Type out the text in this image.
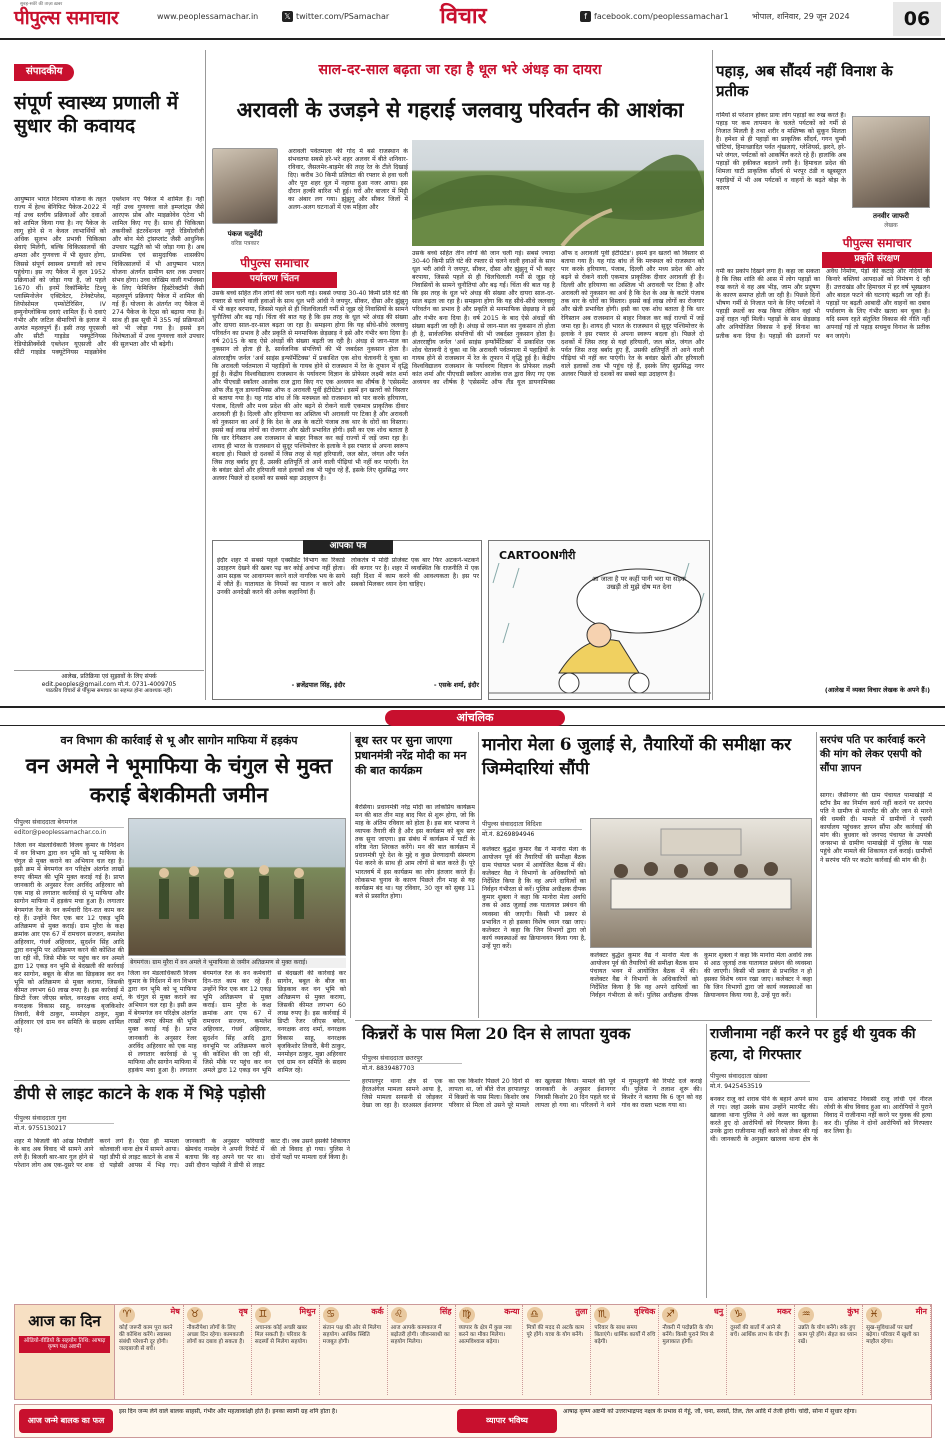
सुबह-सवेरे की ताज़ा ख़बर
पीपुल्स समाचार	www.peoplessamachar.in	𝕏 twitter.com/PSamachar विचार	f facebook.com/peoplessamachar1	भोपाल, शनिवार, 29 जून 2024	06
संपादकीय
संपूर्ण स्वास्थ्य प्रणाली में सुधार की कवायद

आयुष्मान भारत निरामय योजना के तहत राज्य में हेल्थ बेनिफिट पैकेज-2022 में नई उच्च स्तरीय प्रक्रियाओं और दवाओं को शामिल किया गया है। नए पैकेज के लागू होने से न केवल लाभार्थियों को अधिक सुलभ और प्रभावी चिकित्सा सेवाएं मिलेंगी, बल्कि चिकित्सालयों की क्षमता और गुणवत्ता में भी सुधार होगा, जिससे संपूर्ण स्वास्थ्य प्रणाली को लाभ पहुंचेगा। इस नए पैकेज में कुल 1952 प्रक्रियाओं को जोड़ा गया है, जो पहले 1670 थीं। इनमें रिकॉम्बिनेंट टिश्यू प्लास्मिनोजेन एक्टिवेटर, टेनेक्टेप्लेस, लिपोसोमल एम्फोटेरिसिन, IV इम्युनोग्लोबिन्स दवाएं शामिल हैं। ये दवाएं गंभीर और जटिल बीमारियों के इलाज में अत्यंत महत्वपूर्ण हैं। इसी तरह यूएसजी और सीटी गाइडेड पक्यूटेनियस रेडियोफ्रीक्वेंसी एब्लेशन यूएसजी और सीटी गाइडेड पक्यूटेनियस माइक्रोवेव एब्लेशन नए पैकेज में शामिल हैं। नहीं नहीं उच्च गुणवत्ता वाले इम्प्लांट्स जैसे आरएफ प्रोब और माइक्रोवेव एंटेना भी शामिल किए गए हैं। साथ ही चिकित्सा तकनीकों इंटरवेंशनल न्यूरो रेडियोलॉजी और बोन मेरो ट्रांसप्लांट जैसी आधुनिक उपचार पद्धति को भी जोड़ा गया है। अब प्राथमिक एवं सामुदायिक शासकीय चिकित्सालयों में भी आयुष्मान भारत योजना अंतर्गत ग्रामीण स्तर तक उपचार संभव होगा। उच्च जोखिम वाली गर्भावस्था के लिए फेमिजिन हिस्टेरेक्टॉमी जैसी महत्वपूर्ण प्रक्रियाएं पैकेज में शामिल की गई हैं। योजना के अंतर्गत नए पैकेज में 274 पैकेज के रेट्स को बढ़ाया गया है। साथ ही इस सूची में 355 नई प्रक्रियाओं को भी जोड़ा गया है। इससे इन विशेषताओं में उच्च गुणवत्ता वाले उपचार की सुलभता और भी बढ़ेगी।

आलेख, प्रतिक्रिया एवं सुझावों के लिए संपर्क
edit.peoples@gmail.com मो.नं. 0731-4009705
पाठकीय विचारों से पीपुल्स समाचार का सहमत होना आवश्यक नहीं।
साल-दर-साल बढ़ता जा रहा है धूल भरे अंधड़ का दायरा
अरावली के उजड़ने से गहराई जलवायु परिवर्तन की आशंका
पंकज चतुर्वेदी
वरिष्ठ पत्रकार
अरावली पर्वतमाला की गोद में बसे राजस्थान के संभवतया सबसे हरे-भरे शहर अलवर में बीते शनिवार-रविवार, जैसलमेर-बाड़मेर की तरह रेत के टीले दिखाई दिए। करीब 30 किमी प्रतिघंटा की रफ्तार से हवा चली और पूरा शहर धूल में नहाया हुआ नजर आया। इस दौरान हल्की बारिश भी हुई। घरों और बाजार में मिट्टी का अंबार लग गया। झुंझुनू और सीकर जिलों में अलग-अलग घटनाओं में एक महिला और
पीपुल्स समाचार
पर्यावरण चिंतन

उसके बच्चे सहित तीन लोगों की जान चली गई। सबसे ज्यादा 30-40 किमी प्रति घंटे की रफ्तार से चलने वाली हवाओं के साथ धूल भरी आंधी ने जयपुर, सीकर, दौसा और झुंझुनू में भी कहर बरपाया, जिससे पहले से ही चिलचिलाती गर्मी से जूझ रहे निवासियों के सामने चुनौतियां और बढ़ गईं। चिंता की बात यह है कि इस तरह के धूल भरे अंधड़ की संख्या और दायरा साल-दर-साल बढ़ता जा रहा है। समझना होगा कि यह सीधे-सीधे जलवायु परिवर्तन का प्रभाव है और प्रकृति से मनमाफिक छेड़छाड़ ने इसे और गंभीर बना दिया है। वर्ष 2015 के बाद ऐसे अंधड़ों की संख्या बढ़ती जा रही है। अंधड़ से जान-माल का नुकसान तो होता ही है, सार्वजनिक संपत्तियों की भी जबर्दस्त नुकसान होता है। अंतरराष्ट्रीय जर्नल 'अर्थ साइंस इन्फॉर्मेटिक्स' में प्रकाशित एक शोध चेतावनी दे चुका था कि अरावली पर्वतमाला में पहाड़ियों के गायब होने से राजस्थान में रेत के तूफान में वृद्धि हुई है। केंद्रीय विश्वविद्यालय राजस्थान के पर्यावरण विज्ञान के प्रोफेसर लक्ष्मी कांत शर्मा और पीएचडी स्कॉलर आलोक राज द्वारा किए गए एक अध्ययन का शीर्षक है 'एसेसमेंट ऑफ लैंड यूज डायनामिक्स ऑफ द अरावली पूर्वी इंटीग्रेटेड'। इसमें इन खतरों को विस्तार से बताया गया है। यह गांठ बांध लें कि मरुस्थल को राजस्थान को पार करके हरियाणा, पंजाब, दिल्ली और मध्य प्रदेश की ओर बढ़ने से रोकने वाली एकमात्र प्राकृतिक दीवार अरावली ही है। दिल्ली और हरियाणा का अस्तित्व भी अरावली पर टिका है और अरावली को नुकसान का अर्थ है कि देश के अन्न के कटोरे पंजाब तक थार के धोरों का विस्तार। इससे कई लाख लोगों का रोजगार और खेती प्रभावित होगी। इसी का एक शोध बताता है कि धार रेगिस्तान अब राजस्थान से बाहर निकल कर कई राज्यों में जड़ें जमा रहा है। शायद ही भारत के राजस्थान से सुदूर पश्चिमोत्तर के इलाके ने इस रफ्तार से अपना स्वरूप बदला हो। पिछले दो दशकों में जिस तरह से यहां हरियाली, जल स्रोत, जंगल और पर्वत जिस तरह बर्बाद हुए हैं, उसकी क्षतिपूर्ति तो आने वाली पीढ़ियां भी नहीं कर पाएंगी। रेत के बवंडर खेतों और हरियाली वाले इलाकों तक भी पहुंच रहे हैं, इसके लिए सुप्रसिद्ध नगर अलवर पिछले दो दशकों का सबसे बड़ा उदाहरण है।

उसके बच्चे सहित तीन लोगों की जान चली गई। सबसे ज्यादा 30-40 किमी प्रति घंटे की रफ्तार से चलने वाली हवाओं के साथ धूल भरी आंधी ने जयपुर, सीकर, दौसा और झुंझुनू में भी कहर बरपाया, जिससे पहले से ही चिलचिलाती गर्मी से जूझ रहे निवासियों के सामने चुनौतियां और बढ़ गईं। चिंता की बात यह है कि इस तरह के धूल भरे अंधड़ की संख्या और दायरा साल-दर-साल बढ़ता जा रहा है। समझना होगा कि यह सीधे-सीधे जलवायु परिवर्तन का प्रभाव है और प्रकृति से मनमाफिक छेड़छाड़ ने इसे और गंभीर बना दिया है। वर्ष 2015 के बाद ऐसे अंधड़ों की संख्या बढ़ती जा रही है। अंधड़ से जान-माल का नुकसान तो होता ही है, सार्वजनिक संपत्तियों की भी जबर्दस्त नुकसान होता है। अंतरराष्ट्रीय जर्नल 'अर्थ साइंस इन्फॉर्मेटिक्स' में प्रकाशित एक शोध चेतावनी दे चुका था कि अरावली पर्वतमाला में पहाड़ियों के गायब होने से राजस्थान में रेत के तूफान में वृद्धि हुई है। केंद्रीय विश्वविद्यालय राजस्थान के पर्यावरण विज्ञान के प्रोफेसर लक्ष्मी कांत शर्मा और पीएचडी स्कॉलर आलोक राज द्वारा किए गए एक अध्ययन का शीर्षक है 'एसेसमेंट ऑफ लैंड यूज डायनामिक्स ऑफ द अरावली पूर्वी इंटीग्रेटेड'। इसमें इन खतरों को विस्तार से बताया गया है। यह गांठ बांध लें कि मरुस्थल को राजस्थान को पार करके हरियाणा, पंजाब, दिल्ली और मध्य प्रदेश की ओर बढ़ने से रोकने वाली एकमात्र प्राकृतिक दीवार अरावली ही है। दिल्ली और हरियाणा का अस्तित्व भी अरावली पर टिका है और अरावली को नुकसान का अर्थ है कि देश के अन्न के कटोरे पंजाब तक थार के धोरों का विस्तार। इससे कई लाख लोगों का रोजगार और खेती प्रभावित होगी। इसी का एक शोध बताता है कि धार रेगिस्तान अब राजस्थान से बाहर निकल कर कई राज्यों में जड़ें जमा रहा है। शायद ही भारत के राजस्थान से सुदूर पश्चिमोत्तर के इलाके ने इस रफ्तार से अपना स्वरूप बदला हो। पिछले दो दशकों में जिस तरह से यहां हरियाली, जल स्रोत, जंगल और पर्वत जिस तरह बर्बाद हुए हैं, उसकी क्षतिपूर्ति तो आने वाली पीढ़ियां भी नहीं कर पाएंगी। रेत के बवंडर खेतों और हरियाली वाले इलाकों तक भी पहुंच रहे हैं, इसके लिए सुप्रसिद्ध नगर अलवर पिछले दो दशकों का सबसे बड़ा उदाहरण है।

आपका पत्र
इंदौर शहर में सबसे पहले एक्सीडेंट विभाग का रिकार्ड उदाहरण देखने की खबर पढ़ कर कोई अचंभा नहीं होता। आम सड़क पर आवागमन करने वाले नागरिक भय के साये में जीते हैं। यातायात के नियमों का पालन न करने और उनकी अनदेखी करने की अनेक कहानियां हैं।
- ब्रजेंद्रपाल सिंह, इंदौर
लोकतंत्र में मोदी प्रोजेक्ट एक बार फिर अटकने-भटकने की कगार पर है। शहर में व्यवस्थित कि राजनीति में एक सही दिशा में काम करने की आवश्यकता है। इस पर सबको मिलकर ध्यान देना चाहिए।
- एसके शर्मा, इंदौर
CARTOONगीरी
आ जाता है पर कहीं पानी भरा या सड़क उखड़ी तो मुझे दोष मत देना
पहाड़, अब सौंदर्य नहीं विनाश के प्रतीक
गर्मियों से परेशान होकर प्रायः लोग पहाड़ों का रुख करते हैं। पहाड़ पर कम तापमान के चलते पर्यटकों को गर्मी से निजात मिलती है तथा शरीर व मस्तिष्क को सुकून मिलता है। हमेशा से ही पहाड़ों का प्राकृतिक सौंदर्य, गगन चुम्बी चोटियां, हिमाच्छादित पर्वत शृंखलाएं, ग्लेशियर्स, झरने, हरे-भरे जंगल, पर्यटकों को आकर्षित करते रहे हैं। हालांकि अब पहाड़ों की हकीकत बदलने लगी है। हिमाचल प्रदेश की शिमला घाटी प्राकृतिक सौंदर्य से भरपूर ठंडी व खूबसूरत पहाड़ियों में भी अब पर्यटकों व वाहनों के बढ़ते बोझ के कारण
तनवीर जाफरी
लेखक
पीपुल्स समाचार
प्रकृति संरक्षण
गर्मी का प्रकोप दिखने लगा है। कहा जा सकता है कि जिस शांति की आस में लोग पहाड़ों का रुख करते थे वह अब भीड़, जाम और प्रदूषण के कारण समाप्त होती जा रही है। पिछले दिनों भीषण गर्मी से निजात पाने के लिए पर्यटकों ने पहाड़ी स्थलों का रुख किया लेकिन वहां भी उन्हें राहत नहीं मिली। पहाड़ों के साथ छेड़छाड़ और अनियोजित विकास ने इन्हें विनाश का प्रतीक बना दिया है। पहाड़ों की ढलानों पर अवैध निर्माण, पेड़ों की कटाई और नदियों के किनारे बस्तियां आपदाओं को निमंत्रण दे रही हैं। उत्तराखंड और हिमाचल में हर वर्ष भूस्खलन और बादल फटने की घटनाएं बढ़ती जा रही हैं। पहाड़ों पर बढ़ती आबादी और वाहनों का दबाव पर्यावरण के लिए गंभीर खतरा बन चुका है। यदि समय रहते संतुलित विकास की नीति नहीं अपनाई गई तो पहाड़ सचमुच विनाश के प्रतीक बन जाएंगे।
(आलेख में व्यक्त विचार लेखक के अपने हैं।)
आंचलिक
वन विभाग की कार्रवाई से भू और सागोन माफिया में हड़कंप
वन अमले ने भूमाफिया के चंगुल से मुक्त कराई बेशकीमती जमीन
पीपुल्स संवाददाता बेगमगंज
editor@peoplessamachar.co.in
जिला वन मंडलाधिकारी विजय कुमार के निर्देशन में वन विभाग द्वारा वन भूमि को भू माफिया के चंगुल से मुक्त कराने का अभियान चल रहा है। इसी क्रम में बेगमगंज वन परिक्षेत्र अंतर्गत लाखों रुपए कीमत की भूमि मुक्त कराई गई है। प्राप्त जानकारी के अनुसार रेंजर अरविंद अहिरवार को एक माह से लगातार कार्रवाई से भू माफिया और सागोन माफिया में हड़कंप मचा हुआ है। लगातार बेगमगंज रेंज के वन कर्मचारी दिन-रात काम कर रहे हैं। उन्होंने फिर एक बार 12 एकड़ भूमि अतिक्रमण से मुक्त कराई। ग्राम मुरैरा के कक्ष क्रमांक आर एफ 67 में रामचरन सज्जन, कमलेश अहिरवार, गंधर्व अहिरवार, सुदर्शन सिंह आदि द्वारा वनभूमि पर अतिक्रमण करने की कोशिश की जा रही थी, जिसे मौके पर पहुंच कर वन अमले द्वारा 12 एकड़ वन भूमि से बेदखली की कार्रवाई कर सागोन, बबूल के बीज का छिड़काव कर वन भूमि को अतिक्रमण से मुक्त कराया, जिसकी कीमत लगभग 60 लाख रुपए है। इस कार्रवाई में डिप्टी रेंजर जीएस बघेल, वनरक्षक शरद शर्मा, वनरक्षक विकास साहू, वनरक्षक बृजकिशोर तिवारी, बैनी ठाकुर, मनमोहन ठाकुर, मुन्ना अहिरवार एवं ग्राम वन समिति के सदस्य शामिल रहे।
बेगमगंज। ग्राम मुरैरा में वन अमले ने भूमाफिया से जमीन अतिक्रमण से मुक्त कराई।
जिला वन मंडलाधिकारी विजय कुमार के निर्देशन में वन विभाग द्वारा वन भूमि को भू माफिया के चंगुल से मुक्त कराने का अभियान चल रहा है। इसी क्रम में बेगमगंज वन परिक्षेत्र अंतर्गत लाखों रुपए कीमत की भूमि मुक्त कराई गई है। प्राप्त जानकारी के अनुसार रेंजर अरविंद अहिरवार को एक माह से लगातार कार्रवाई से भू माफिया और सागोन माफिया में हड़कंप मचा हुआ है। लगातार बेगमगंज रेंज के वन कर्मचारी दिन-रात काम कर रहे हैं। उन्होंने फिर एक बार 12 एकड़ भूमि अतिक्रमण से मुक्त कराई। ग्राम मुरैरा के कक्ष क्रमांक आर एफ 67 में रामचरन सज्जन, कमलेश अहिरवार, गंधर्व अहिरवार, सुदर्शन सिंह आदि द्वारा वनभूमि पर अतिक्रमण करने की कोशिश की जा रही थी, जिसे मौके पर पहुंच कर वन अमले द्वारा 12 एकड़ वन भूमि से बेदखली की कार्रवाई कर सागोन, बबूल के बीज का छिड़काव कर वन भूमि को अतिक्रमण से मुक्त कराया, जिसकी कीमत लगभग 60 लाख रुपए है। इस कार्रवाई में डिप्टी रेंजर जीएस बघेल, वनरक्षक शरद शर्मा, वनरक्षक विकास साहू, वनरक्षक बृजकिशोर तिवारी, बैनी ठाकुर, मनमोहन ठाकुर, मुन्ना अहिरवार एवं ग्राम वन समिति के सदस्य शामिल रहे।
बूथ स्तर पर सुना जाएगा प्रधानमंत्री नरेंद्र मोदी का मन की बात कार्यक्रम
बैरसिया। प्रधानमंत्री नरेंद्र मोदी का लोकप्रिय कार्यक्रम मन की बात तीन माह बाद फिर से शुरू होगा, जो कि माह के अंतिम रविवार को होता है। इस बार भाजपा ने व्यापक तैयारी की है और इस कार्यक्रम को बूथ स्तर तक सुना जाएगा। इस संबंध में कार्यक्रम में पार्टी के वरिष्ठ नेता शिरकत करेंगे। मन की बात कार्यक्रम में प्रधानमंत्री पूरे देश के मुद्दे व कुछ प्रेरणादायी संस्मरण पेश करने के साथ ही आम लोगों से बात करते हैं। पूरे भारतवर्ष में इस कार्यक्रम का लोग इंतजार करते हैं। लोकसभा चुनाव के कारण पिछले तीन माह से यह कार्यक्रम बंद था। यह रविवार, 30 जून को सुबह 11 बजे से प्रसारित होगा।
मानोरा मेला 6 जुलाई से, तैयारियों की समीक्षा कर जिम्मेदारियां सौंपी
पीपुल्स संवाददाता विदिशा
मो.नं. 8269894946
कलेक्टर बुद्धेश कुमार वैद्य ने मानोरा मेला के आयोजन पूर्व की तैयारियों की समीक्षा बैठक ग्राम पंचायत भवन में आयोजित बैठक में की। कलेक्टर वैद्य ने विभागों के अधिकारियों को निर्देशित किया है कि वह अपने दायित्वों का निर्वहन गंभीरता से करें। पुलिस अधीक्षक दीपक कुमार शुक्ला ने कहा कि मानोरा मेला अवधि तक से आठ जुलाई तक यातायात प्रबंधन की व्यवस्था की जाएगी। किसी भी प्रकार से प्रभावित न हो इसका विशेष ध्यान रखा जाए। कलेक्टर ने कहा कि जिन विभागों द्वारा जो कार्य व्यवस्थाओं का क्रियान्वयन किया गया है, उन्हें पूरा करें।
कलेक्टर बुद्धेश कुमार वैद्य ने मानोरा मेला के आयोजन पूर्व की तैयारियों की समीक्षा बैठक ग्राम पंचायत भवन में आयोजित बैठक में की। कलेक्टर वैद्य ने विभागों के अधिकारियों को निर्देशित किया है कि वह अपने दायित्वों का निर्वहन गंभीरता से करें। पुलिस अधीक्षक दीपक कुमार शुक्ला ने कहा कि मानोरा मेला अवधि तक से आठ जुलाई तक यातायात प्रबंधन की व्यवस्था की जाएगी। किसी भी प्रकार से प्रभावित न हो इसका विशेष ध्यान रखा जाए। कलेक्टर ने कहा कि जिन विभागों द्वारा जो कार्य व्यवस्थाओं का क्रियान्वयन किया गया है, उन्हें पूरा करें।
सरपंच पति पर कार्रवाई करने की मांग को लेकर एसपी को सौंपा ज्ञापन
सागर। जैसीनगर की ग्राम पंचायत पामाखेड़ी में स्टॉप डैम का निर्माण कार्य नहीं कराने पर सरपंच पति ने ग्रामीण से मारपीट की और जान से मारने की धमकी दी। मामले में ग्रामीणों ने एसपी कार्यालय पहुंचकर ज्ञापन सौंपा और कार्रवाई की मांग की। बुधवार को जनपद पंचायत के उपयंत्री जनसभा से ग्रामीण पामाखेड़ी में पुलिस के पास पहुंचे और मामले की शिकायत दर्ज कराई। ग्रामीणों ने सरपंच पति पर कठोर कार्रवाई की मांग की है।
किन्नरों के पास मिला 20 दिन से लापता युवक
पीपुल्स संवाददाता छतरपुर
मो.नं. 8839487703
हरपालपुर थाना क्षेत्र से एक हैरतअंगेज मामला सामने आया है, जिसे मामला सनसनी से जोड़कर देखा जा रहा है। दरअसल ईशानगर का एक किशोर पिछले 20 दिनों से लापता था, जो बीते रोज हरपालपुर में किन्नरों के पास मिला। किशोर जब परिवार से मिला तो उसने पूरे मामले का खुलासा किया। मामले की पूर्व जानकारी के अनुसार ईशानगर निवासी किशोर 20 दिन पहले घर से लापता हो गया था। परिजनों ने थाने में गुमशुदगी की रिपोर्ट दर्ज कराई थी। पुलिस ने तलाश शुरू की। किशोर ने बताया कि 6 जून को वह गांव का रास्ता भटक गया था।
राजीनामा नहीं करने पर हुई थी युवक की हत्या, दो गिरफ्तार
पीपुल्स संवाददाता खंडवा
मो.नं. 9425453519
बनकर राजू को शराब पीने के बहाने अपने साथ ले गए। जहां उसके साथ उन्होंने मारपीट की। खालवा थाना पुलिस ने अंधे कत्ल का खुलासा करते हुए दो आरोपियों को गिरफ्तार किया है। उनके द्वारा राजीनामा नहीं करने को लेकर की गई थी। जानकारी के अनुसार खालवा थाना क्षेत्र के ग्राम आंबापाट निवासी राजू लोधी एवं नीरज लोधी के बीच विवाद हुआ था। आरोपियों ने पुराने विवाद में राजीनामा नहीं करने पर युवक की हत्या कर दी। पुलिस ने दोनों आरोपियों को गिरफ्तार कर लिया है।
डीपी से लाइट काटने के शक में भिड़े पड़ोसी
पीपुल्स संवाददाता गुना
मो.नं. 9755130217
शहर में बिजली की आंख मिचौली के बाद अब विवाद भी सामने आने लगे हैं। बिजली बार-बार गुल होने से परेशान लोग अब एक-दूसरे पर शक करने लगे हैं। ऐसा ही मामला कोतवाली थाना क्षेत्र में सामने आया। यहां डीपी से लाइट काटने के शक में दो पड़ोसी आपस में भिड़ गए। जानकारी के अनुसार फरियादी खेमचंद नामदेव ने अपनी रिपोर्ट में बताया कि वह अपने घर पर था। उसी दौरान पड़ोसी ने डीपी से लाइट काट दी। जब उसने इसकी शिकायत की तो विवाद हो गया। पुलिस ने दोनों पक्षों पर मामला दर्ज किया है।
आज का दिन
ऑडियो-वीडियो के सहयोग तिथि: आषाढ़ कृष्ण पक्ष अष्टमी
♈	मेष
कोई जरूरी काम पूरा करने की कोशिश करेंगे। स्वास्थ्य संबंधी परेशानी दूर होगी। जल्दबाजी से बचें।
♉	वृष
नौकरीपेशा लोगों के लिए अच्छा दिन रहेगा। कामकाजी लोगों का दबाव हो सकता है।
♊	मिथुन
अचानक कोई अच्छी खबर मिल सकती है। परिवार के सदस्यों से मिलेगा सहयोग।
♋	कर्क
संतान पक्ष की ओर से मिलेगा सहयोग। आर्थिक स्थिति मजबूत होगी।
♌	सिंह
आज आपके कामकाज में बढ़ोतरी होगी। जीवनसाथी का सहयोग मिलेगा।
♍	कन्या
व्यापार के क्षेत्र में कुछ नया करने का मौका मिलेगा। आत्मविश्वास बढ़ेगा।
♎	तुला
मित्रों की मदद से अटके काम पूरे होंगे। यात्रा के योग बनेंगे।
♏	वृश्चिक
परिवार के साथ समय बिताएंगे। धार्मिक कार्यों में रुचि बढ़ेगी।
♐	धनु
नौकरी में पदोन्नति के योग बनेंगे। किसी पुराने मित्र से मुलाकात होगी।
♑	मकर
दूसरों की बातों में आने से बचें। आर्थिक लाभ के योग हैं।
♒	कुंभ
उन्नति के योग बनेंगे। रुके हुए काम पूरे होंगे। सेहत का ध्यान रखें।
♓	मीन
सुख-सुविधाओं पर खर्च बढ़ेगा। परिवार में खुशी का माहौल रहेगा।
आज जन्मे बालक का फल
इस दिन जन्म लेने वाले बालक साहसी, गंभीर और महत्वाकांक्षी होते हैं। इनका स्वामी ग्रह शनि होता है।
व्यापार भविष्य
आषाढ़ कृष्ण अष्टमी को उत्तराभाद्रपद नक्षत्र के प्रभाव से गेहूं, जौ, चना, सरसों, तिल, तेल आदि में तेजी होगी। चांदी, सोना में सुधार रहेगा।
